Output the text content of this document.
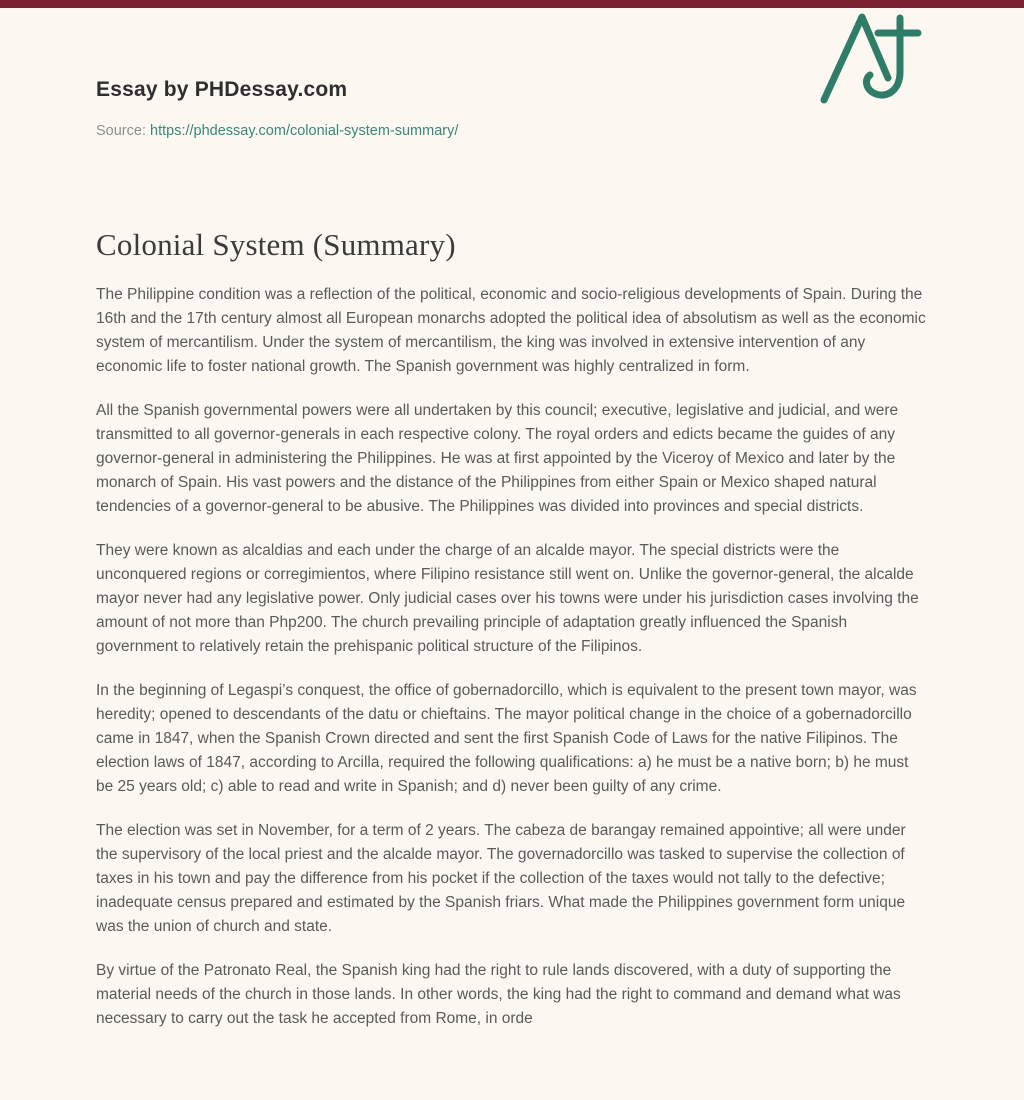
Essay by PHDessay.com
Source: https://phdessay.com/colonial-system-summary/
Colonial System (Summary)

The Philippine condition was a reflection of the political, economic and socio-religious developments of Spain. During the 16th and the 17th century almost all European monarchs adopted the political idea of absolutism as well as the economic system of mercantilism. Under the system of mercantilism, the king was involved in extensive intervention of any economic life to foster national growth. The Spanish government was highly centralized in form.

All the Spanish governmental powers were all undertaken by this council; executive, legislative and judicial, and were transmitted to all governor-generals in each respective colony. The royal orders and edicts became the guides of any governor-general in administering the Philippines. He was at first appointed by the Viceroy of Mexico and later by the monarch of Spain. His vast powers and the distance of the Philippines from either Spain or Mexico shaped natural tendencies of a governor-general to be abusive. The Philippines was divided into provinces and special districts.

They were known as alcaldias and each under the charge of an alcalde mayor. The special districts were the unconquered regions or corregimientos, where Filipino resistance still went on. Unlike the governor-general, the alcalde mayor never had any legislative power. Only judicial cases over his towns were under his jurisdiction cases involving the amount of not more than Php200. The church prevailing principle of adaptation greatly influenced the Spanish government to relatively retain the prehispanic political structure of the Filipinos.

In the beginning of Legaspi’s conquest, the office of gobernadorcillo, which is equivalent to the present town mayor, was heredity; opened to descendants of the datu or chieftains. The mayor political change in the choice of a gobernadorcillo came in 1847, when the Spanish Crown directed and sent the first Spanish Code of Laws for the native Filipinos. The election laws of 1847, according to Arcilla, required the following qualifications: a) he must be a native born; b) he must be 25 years old; c) able to read and write in Spanish; and d) never been guilty of any crime.

The election was set in November, for a term of 2 years. The cabeza de barangay remained appointive; all were under the supervisory of the local priest and the alcalde mayor. The governadorcillo was tasked to supervise the collection of taxes in his town and pay the difference from his pocket if the collection of the taxes would not tally to the defective; inadequate census prepared and estimated by the Spanish friars. What made the Philippines government form unique was the union of church and state.

By virtue of the Patronato Real, the Spanish king had the right to rule lands discovered, with a duty of supporting the material needs of the church in those lands. In other words, the king had the right to command and demand what was necessary to carry out the task he accepted from Rome, in orde
